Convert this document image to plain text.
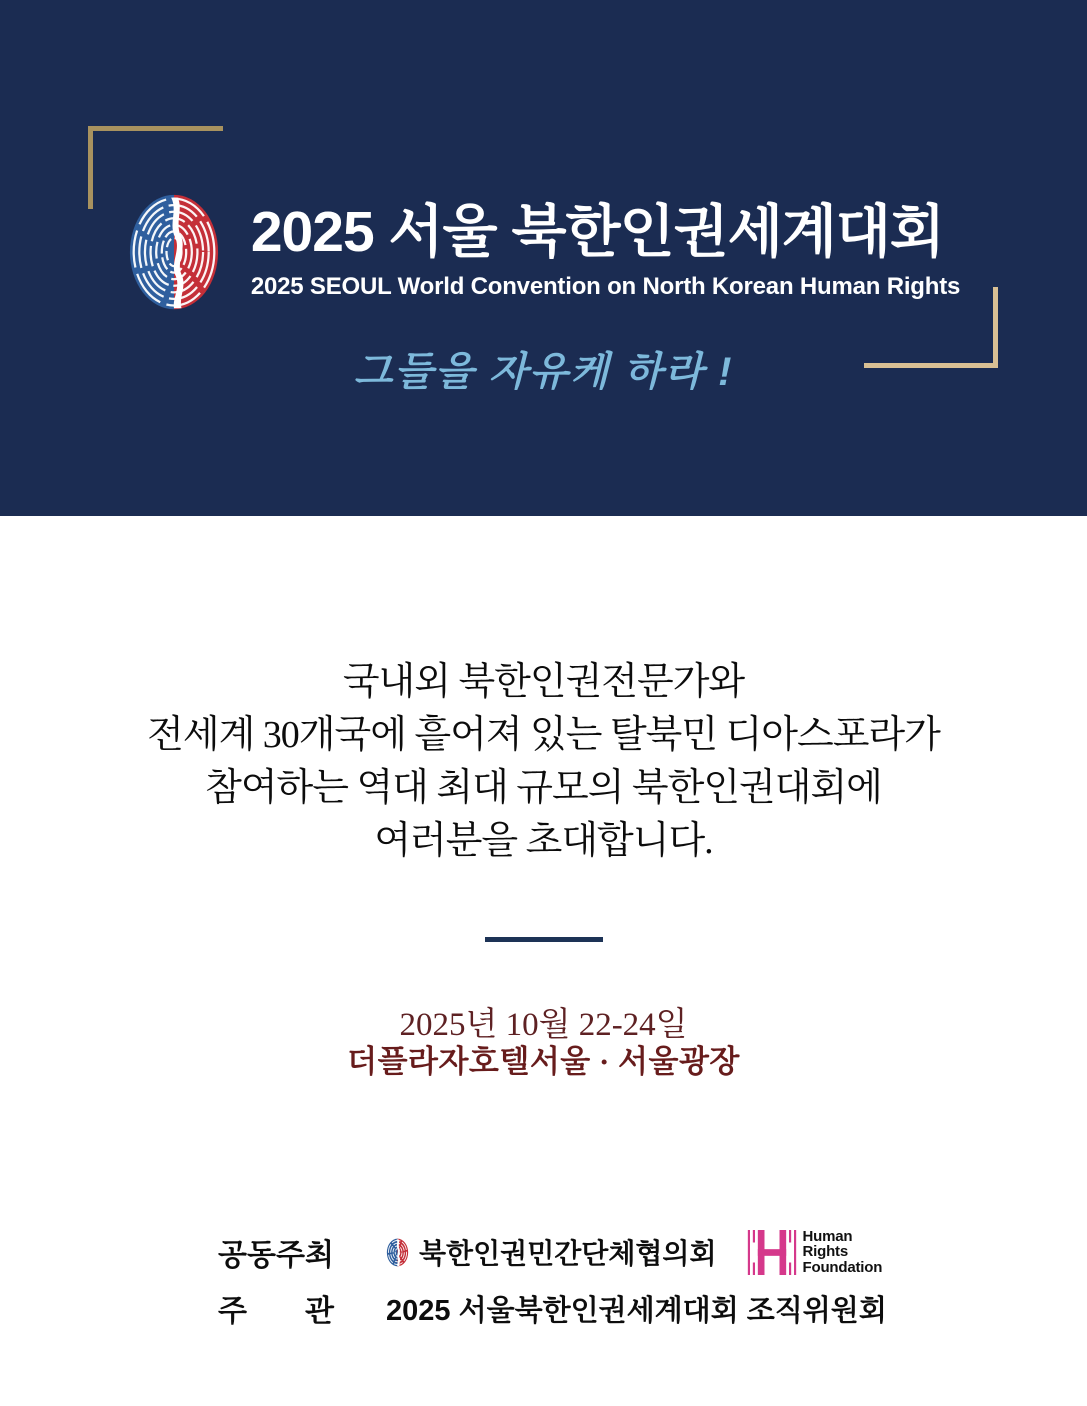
2025 서울 북한인권세계대회
2025 SEOUL World Convention on North Korean Human Rights
그들을 자유케 하라 !
국내외 북한인권전문가와
전세계 30개국에 흩어져 있는 탈북민 디아스포라가
참여하는 역대 최대 규모의 북한인권대회에
여러분을 초대합니다.
2025년 10월 22-24일
더플라자호텔서울 · 서울광장
공동주최	북한인권민간단체협의회
Human
Rights
Foundation
주 관 2025 서울북한인권세계대회 조직위원회
